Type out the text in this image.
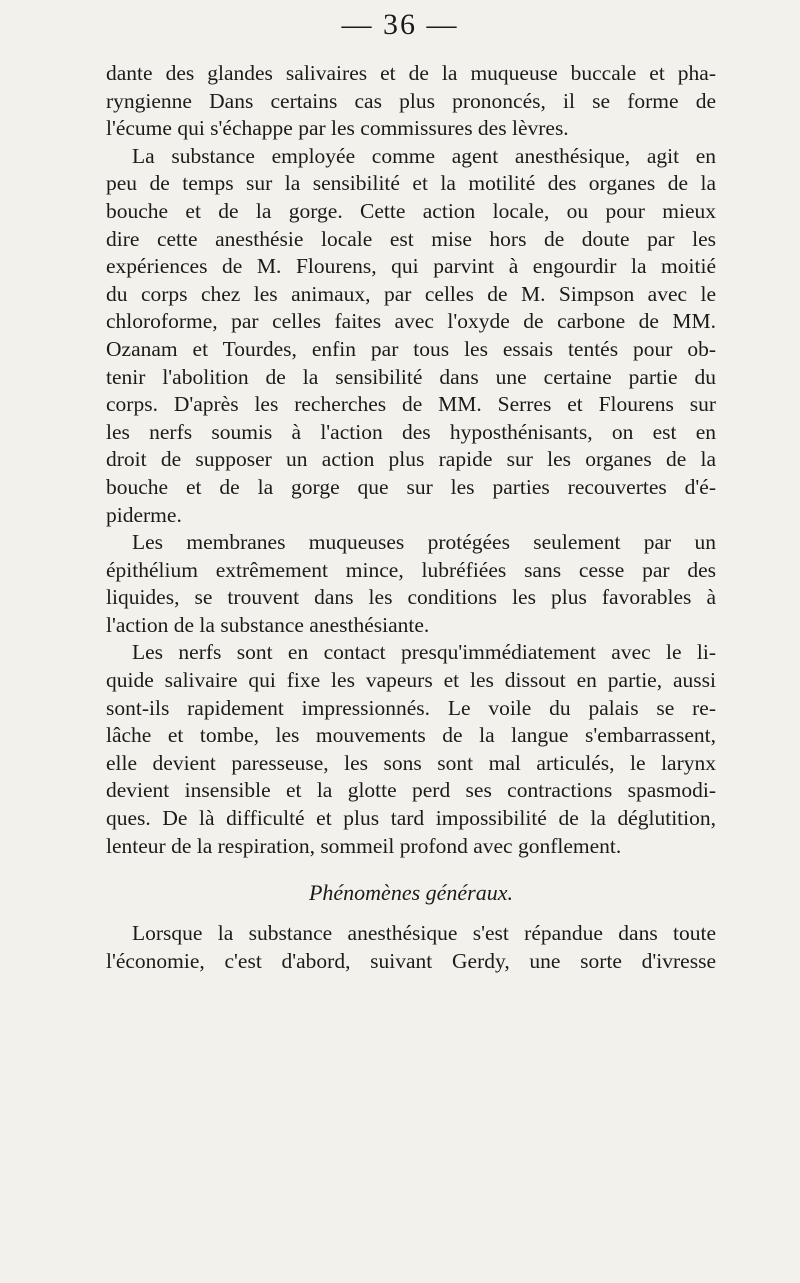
— 36 —
dante des glandes salivaires et de la muqueuse buccale et pha-
ryngienne Dans certains cas plus prononcés, il se forme de
l'écume qui s'échappe par les commissures des lèvres.
La substance employée comme agent anesthésique, agit en
peu de temps sur la sensibilité et la motilité des organes de la
bouche et de la gorge. Cette action locale, ou pour mieux
dire cette anesthésie locale est mise hors de doute par les
expériences de M. Flourens, qui parvint à engourdir la moitié
du corps chez les animaux, par celles de M. Simpson avec le
chloroforme, par celles faites avec l'oxyde de carbone de MM.
Ozanam et Tourdes, enfin par tous les essais tentés pour ob-
tenir l'abolition de la sensibilité dans une certaine partie du
corps. D'après les recherches de MM. Serres et Flourens sur
les nerfs soumis à l'action des hyposthénisants, on est en
droit de supposer un action plus rapide sur les organes de la
bouche et de la gorge que sur les parties recouvertes d'é-
piderme.
Les membranes muqueuses protégées seulement par un
épithélium extrêmement mince, lubréfiées sans cesse par des
liquides, se trouvent dans les conditions les plus favorables à
l'action de la substance anesthésiante.
Les nerfs sont en contact presqu'immédiatement avec le li-
quide salivaire qui fixe les vapeurs et les dissout en partie, aussi
sont-ils rapidement impressionnés. Le voile du palais se re-
lâche et tombe, les mouvements de la langue s'embarrassent,
elle devient paresseuse, les sons sont mal articulés, le larynx
devient insensible et la glotte perd ses contractions spasmodi-
ques. De là difficulté et plus tard impossibilité de la déglutition,
lenteur de la respiration, sommeil profond avec gonflement.
Phénomènes généraux.
Lorsque la substance anesthésique s'est répandue dans toute
l'économie, c'est d'abord, suivant Gerdy, une sorte d'ivresse
